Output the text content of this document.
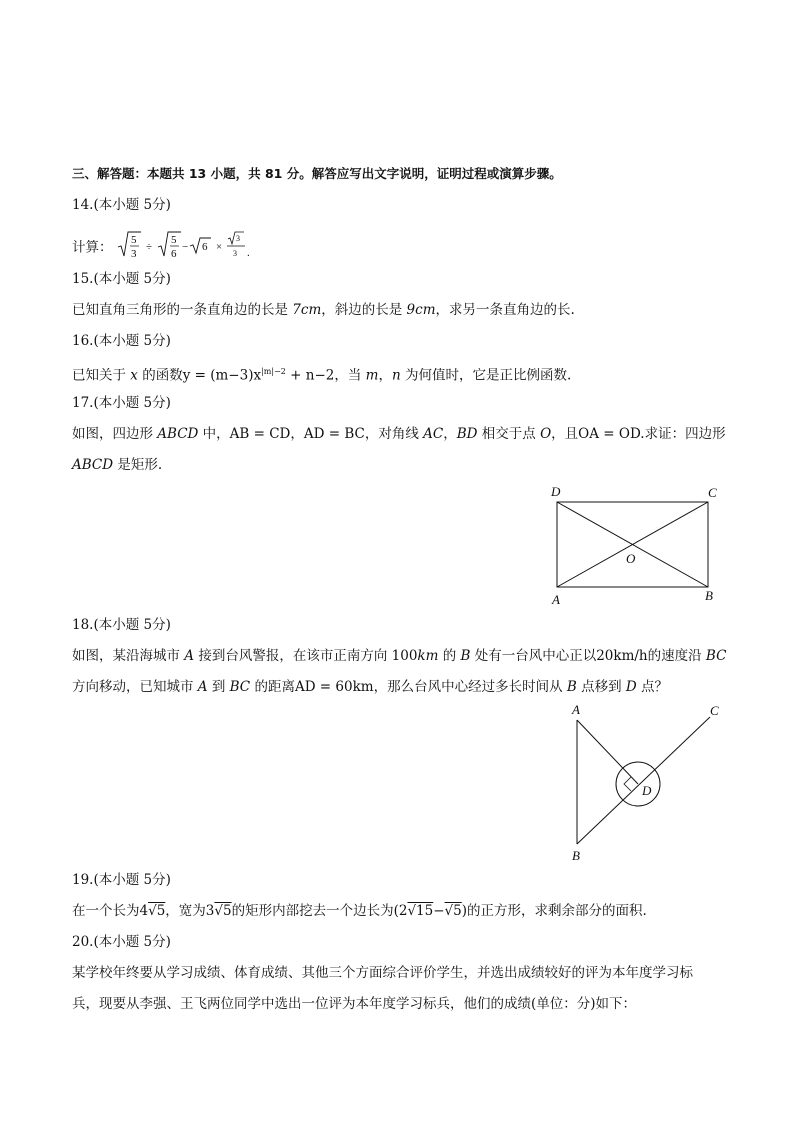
三、解答题：本题共 13 小题，共 81 分。解答应写出文字说明，证明过程或演算步骤。
14.(本小题 5分)
计算： 5
3
÷
5
6
− 6 ×
3
3 .
15.(本小题 5分)
已知直角三角形的一条直角边的长是 7cm，斜边的长是 9cm，求另一条直角边的长.
16.(本小题 5分)
已知关于 x 的函数$y = (m-3)x^{|m|-2} + n-2$，当 m，n 为何值时，它是正比例函数.
17.(本小题 5分)
如图，四边形 ABCD 中，AB = CD，AD = BC，对角线 AC，BD 相交于点 O，且OA = OD.求证：四边形
ABCD 是矩形.
D	C
A	B
O
18.(本小题 5分)
如图，某沿海城市 A 接到台风警报，在该市正南方向 100km 的 B 处有一台风中心正以20km/h的速度沿 BC
方向移动，已知城市 A 到 BC 的距离AD = 60km，那么台风中心经过多长时间从 B 点移到 D 点？
A	C
B
D
19.(本小题 5分)
在一个长为4√5，宽为3√5的矩形内部挖去一个边长为(2√15−√5)的正方形，求剩余部分的面积.
20.(本小题 5分)
某学校年终要从学习成绩、体育成绩、其他三个方面综合评价学生，并选出成绩较好的评为本年度学习标
兵，现要从李强、王飞两位同学中选出一位评为本年度学习标兵，他们的成绩(单位：分)如下：
